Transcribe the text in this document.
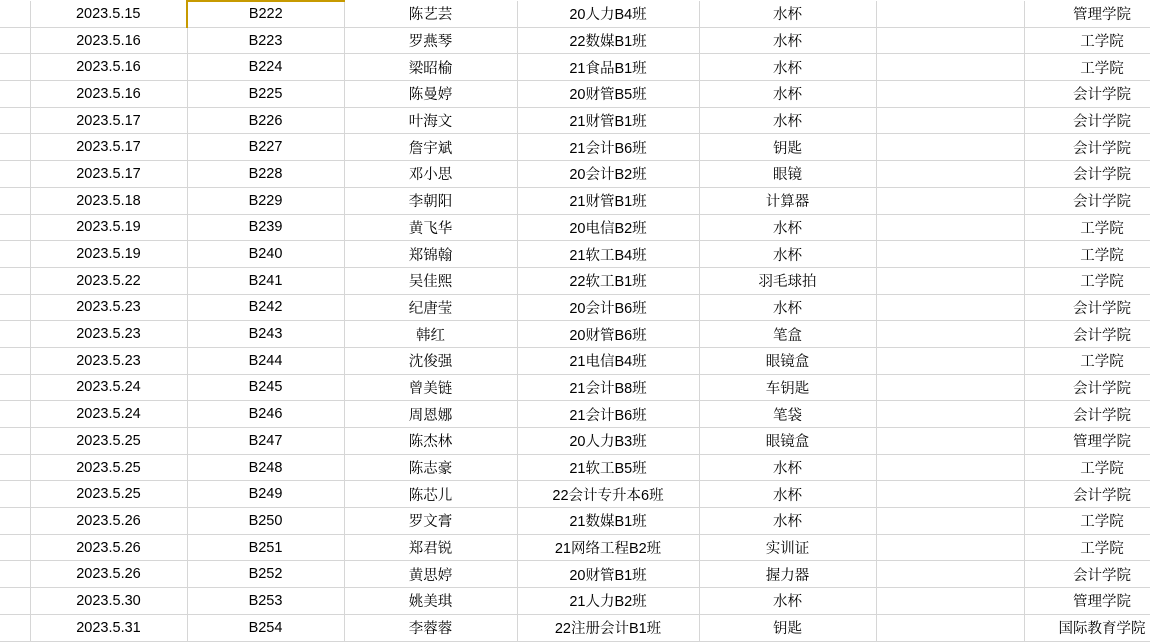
	2023.5.15	B222	陈艺芸	20人力B4班	水杯		管理学院
	2023.5.16	B223	罗燕琴	22数媒B1班	水杯		工学院
	2023.5.16	B224	梁昭榆	21食品B1班	水杯		工学院
	2023.5.16	B225	陈曼婷	20财管B5班	水杯		会计学院
	2023.5.17	B226	叶海文	21财管B1班	水杯		会计学院
	2023.5.17	B227	詹宇斌	21会计B6班	钥匙		会计学院
	2023.5.17	B228	邓小思	20会计B2班	眼镜		会计学院
	2023.5.18	B229	李朝阳	21财管B1班	计算器		会计学院
	2023.5.19	B239	黄飞华	20电信B2班	水杯		工学院
	2023.5.19	B240	郑锦翰	21软工B4班	水杯		工学院
	2023.5.22	B241	吴佳熙	22软工B1班	羽毛球拍		工学院
	2023.5.23	B242	纪唐莹	20会计B6班	水杯		会计学院
	2023.5.23	B243	韩红	20财管B6班	笔盒		会计学院
	2023.5.23	B244	沈俊强	21电信B4班	眼镜盒		工学院
	2023.5.24	B245	曾美链	21会计B8班	车钥匙		会计学院
	2023.5.24	B246	周恩娜	21会计B6班	笔袋		会计学院
	2023.5.25	B247	陈杰林	20人力B3班	眼镜盒		管理学院
	2023.5.25	B248	陈志豪	21软工B5班	水杯		工学院
	2023.5.25	B249	陈芯儿	22会计专升本6班	水杯		会计学院
	2023.5.26	B250	罗文膏	21数媒B1班	水杯		工学院
	2023.5.26	B251	郑君锐	21网络工程B2班	实训证		工学院
	2023.5.26	B252	黄思婷	20财管B1班	握力器		会计学院
	2023.5.30	B253	姚美琪	21人力B2班	水杯		管理学院
	2023.5.31	B254	李蓉蓉	22注册会计B1班	钥匙		国际教育学院
